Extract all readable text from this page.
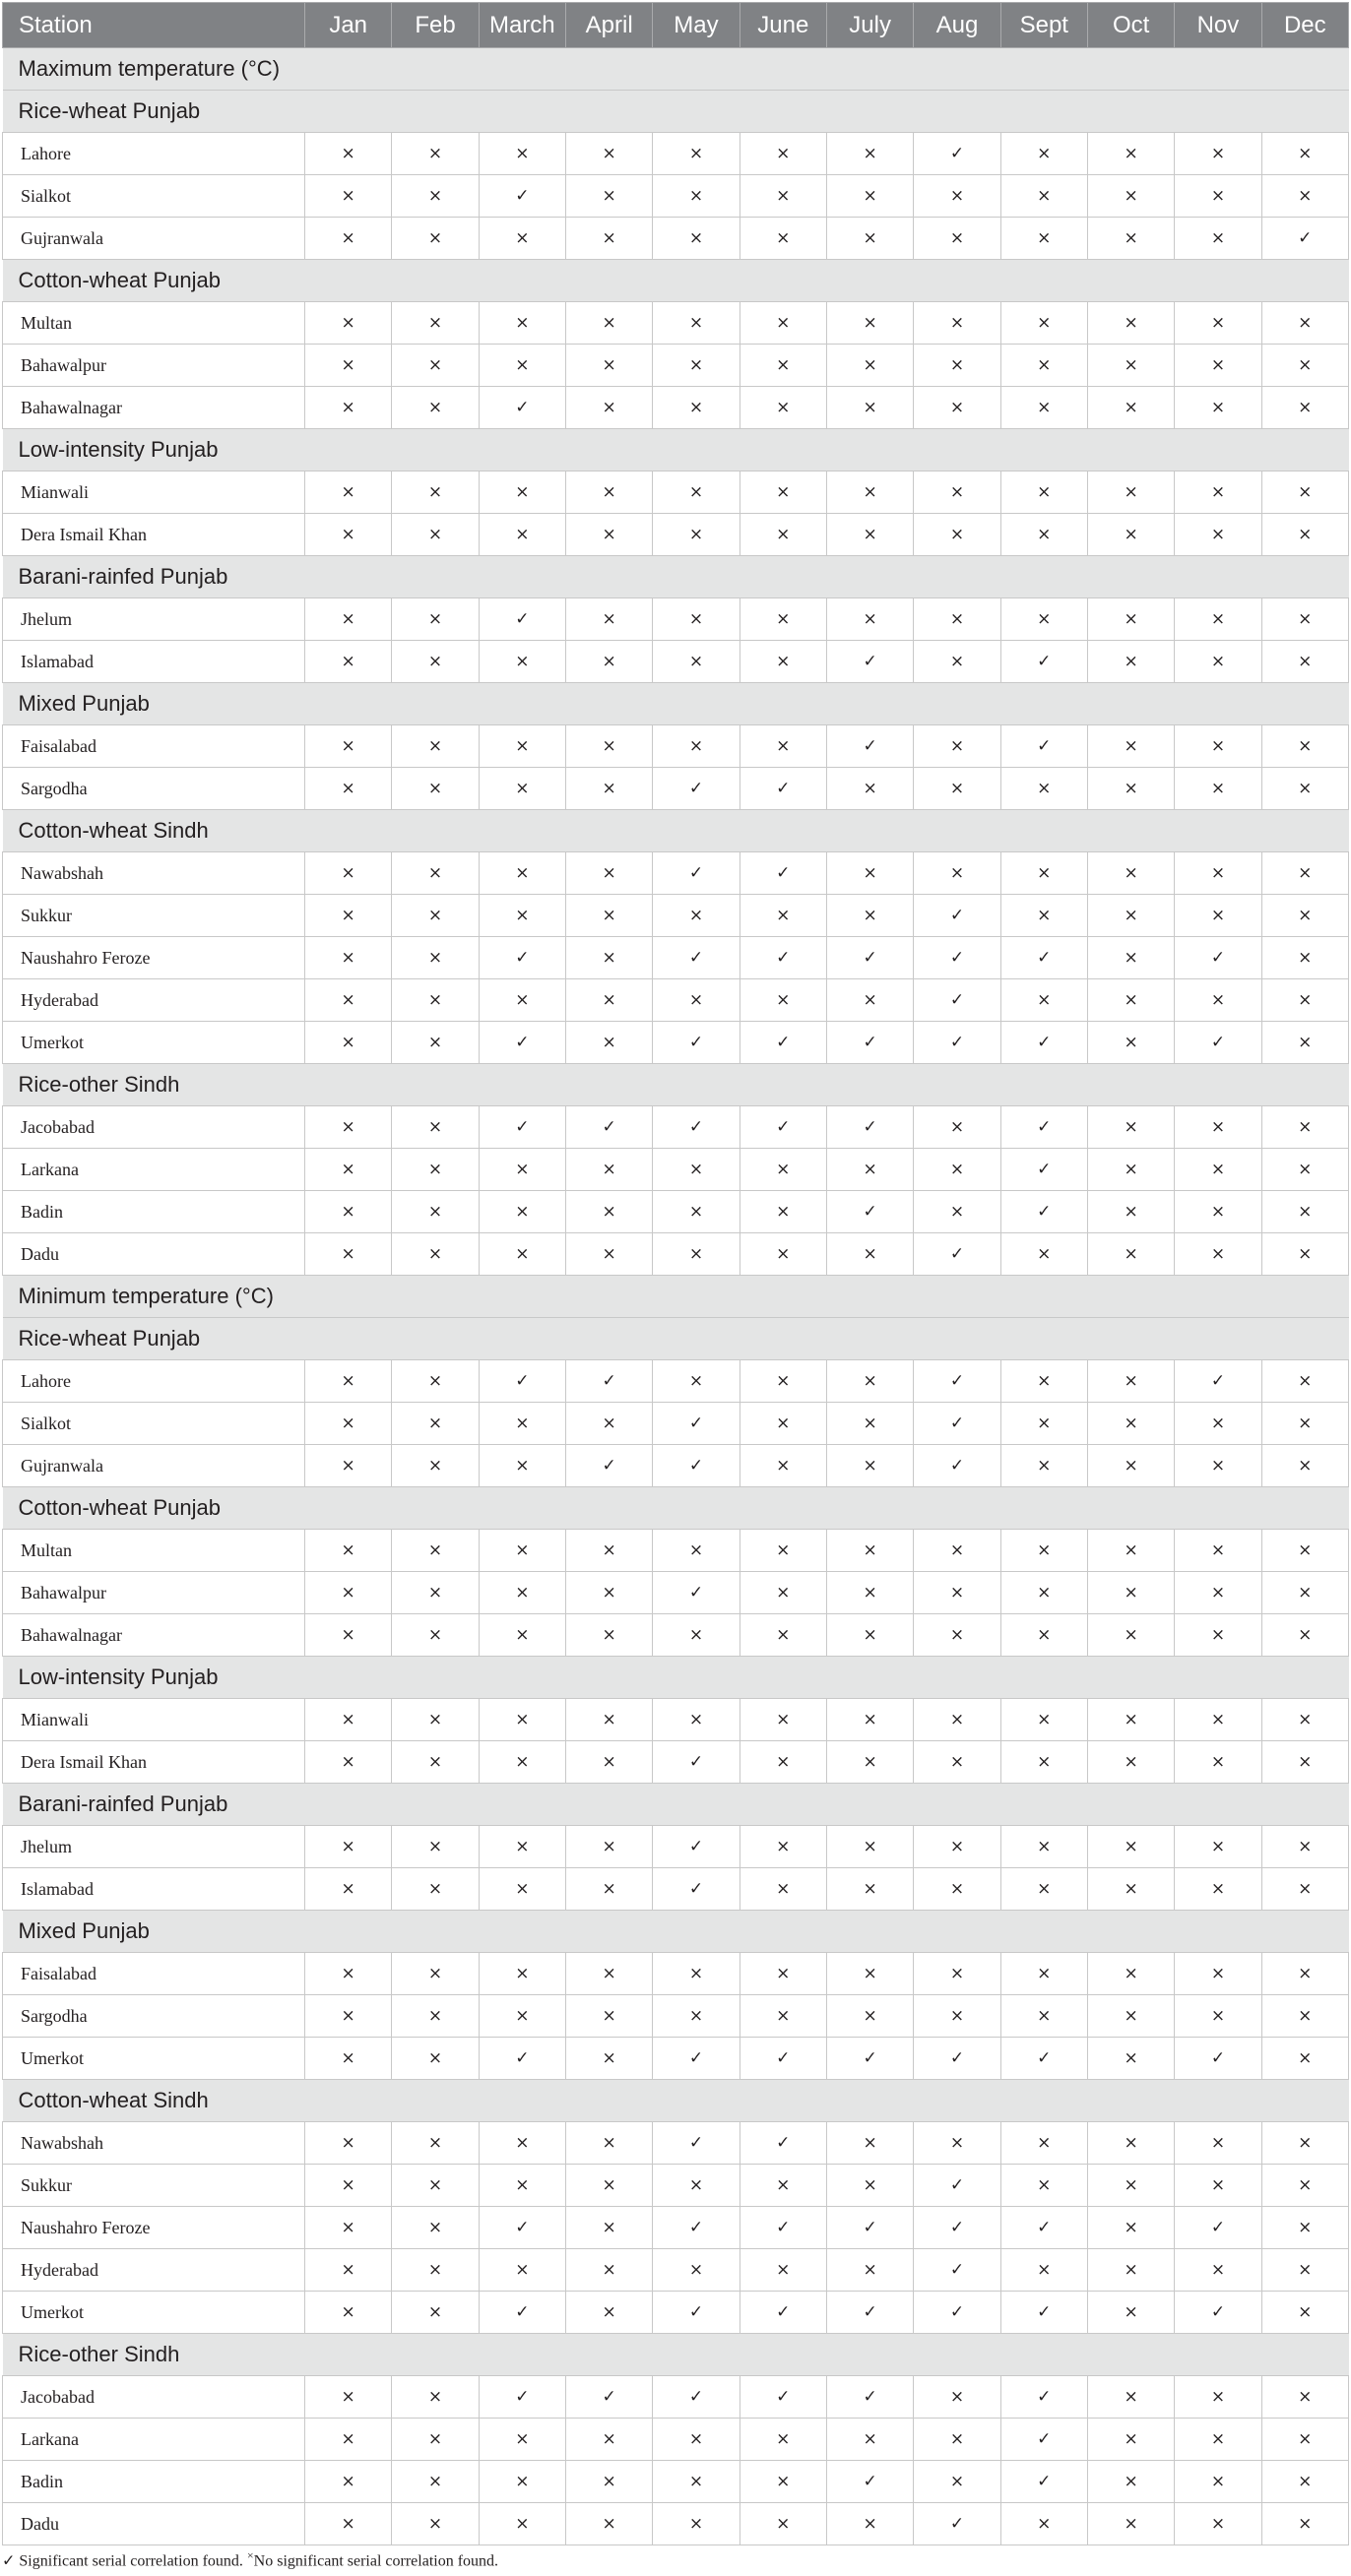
Station	Jan	Feb	March	April	May	June	July	Aug	Sept	Oct	Nov	Dec
Maximum temperature (°C)												
Rice-wheat Punjab												
Lahore	×	×	×	×	×	×	×	✓	×	×	×	×
Sialkot	×	×	✓	×	×	×	×	×	×	×	×	×
Gujranwala	×	×	×	×	×	×	×	×	×	×	×	✓
Cotton-wheat Punjab												
Multan	×	×	×	×	×	×	×	×	×	×	×	×
Bahawalpur	×	×	×	×	×	×	×	×	×	×	×	×
Bahawalnagar	×	×	✓	×	×	×	×	×	×	×	×	×
Low-intensity Punjab												
Mianwali	×	×	×	×	×	×	×	×	×	×	×	×
Dera Ismail Khan	×	×	×	×	×	×	×	×	×	×	×	×
Barani-rainfed Punjab												
Jhelum	×	×	✓	×	×	×	×	×	×	×	×	×
Islamabad	×	×	×	×	×	×	✓	×	✓	×	×	×
Mixed Punjab												
Faisalabad	×	×	×	×	×	×	✓	×	✓	×	×	×
Sargodha	×	×	×	×	✓	✓	×	×	×	×	×	×
Cotton-wheat Sindh												
Nawabshah	×	×	×	×	✓	✓	×	×	×	×	×	×
Sukkur	×	×	×	×	×	×	×	✓	×	×	×	×
Naushahro Feroze	×	×	✓	×	✓	✓	✓	✓	✓	×	✓	×
Hyderabad	×	×	×	×	×	×	×	✓	×	×	×	×
Umerkot	×	×	✓	×	✓	✓	✓	✓	✓	×	✓	×
Rice-other Sindh												
Jacobabad	×	×	✓	✓	✓	✓	✓	×	✓	×	×	×
Larkana	×	×	×	×	×	×	×	×	✓	×	×	×
Badin	×	×	×	×	×	×	✓	×	✓	×	×	×
Dadu	×	×	×	×	×	×	×	✓	×	×	×	×
Minimum temperature (°C)												
Rice-wheat Punjab												
Lahore	×	×	✓	✓	×	×	×	✓	×	×	✓	×
Sialkot	×	×	×	×	✓	×	×	✓	×	×	×	×
Gujranwala	×	×	×	✓	✓	×	×	✓	×	×	×	×
Cotton-wheat Punjab												
Multan	×	×	×	×	×	×	×	×	×	×	×	×
Bahawalpur	×	×	×	×	✓	×	×	×	×	×	×	×
Bahawalnagar	×	×	×	×	×	×	×	×	×	×	×	×
Low-intensity Punjab												
Mianwali	×	×	×	×	×	×	×	×	×	×	×	×
Dera Ismail Khan	×	×	×	×	✓	×	×	×	×	×	×	×
Barani-rainfed Punjab												
Jhelum	×	×	×	×	✓	×	×	×	×	×	×	×
Islamabad	×	×	×	×	✓	×	×	×	×	×	×	×
Mixed Punjab												
Faisalabad	×	×	×	×	×	×	×	×	×	×	×	×
Sargodha	×	×	×	×	×	×	×	×	×	×	×	×
Umerkot	×	×	✓	×	✓	✓	✓	✓	✓	×	✓	×
Cotton-wheat Sindh												
Nawabshah	×	×	×	×	✓	✓	×	×	×	×	×	×
Sukkur	×	×	×	×	×	×	×	✓	×	×	×	×
Naushahro Feroze	×	×	✓	×	✓	✓	✓	✓	✓	×	✓	×
Hyderabad	×	×	×	×	×	×	×	✓	×	×	×	×
Umerkot	×	×	✓	×	✓	✓	✓	✓	✓	×	✓	×
Rice-other Sindh												
Jacobabad	×	×	✓	✓	✓	✓	✓	×	✓	×	×	×
Larkana	×	×	×	×	×	×	×	×	✓	×	×	×
Badin	×	×	×	×	×	×	✓	×	✓	×	×	×
Dadu	×	×	×	×	×	×	×	✓	×	×	×	×
✓ Significant serial correlation found. ×No significant serial correlation found.
